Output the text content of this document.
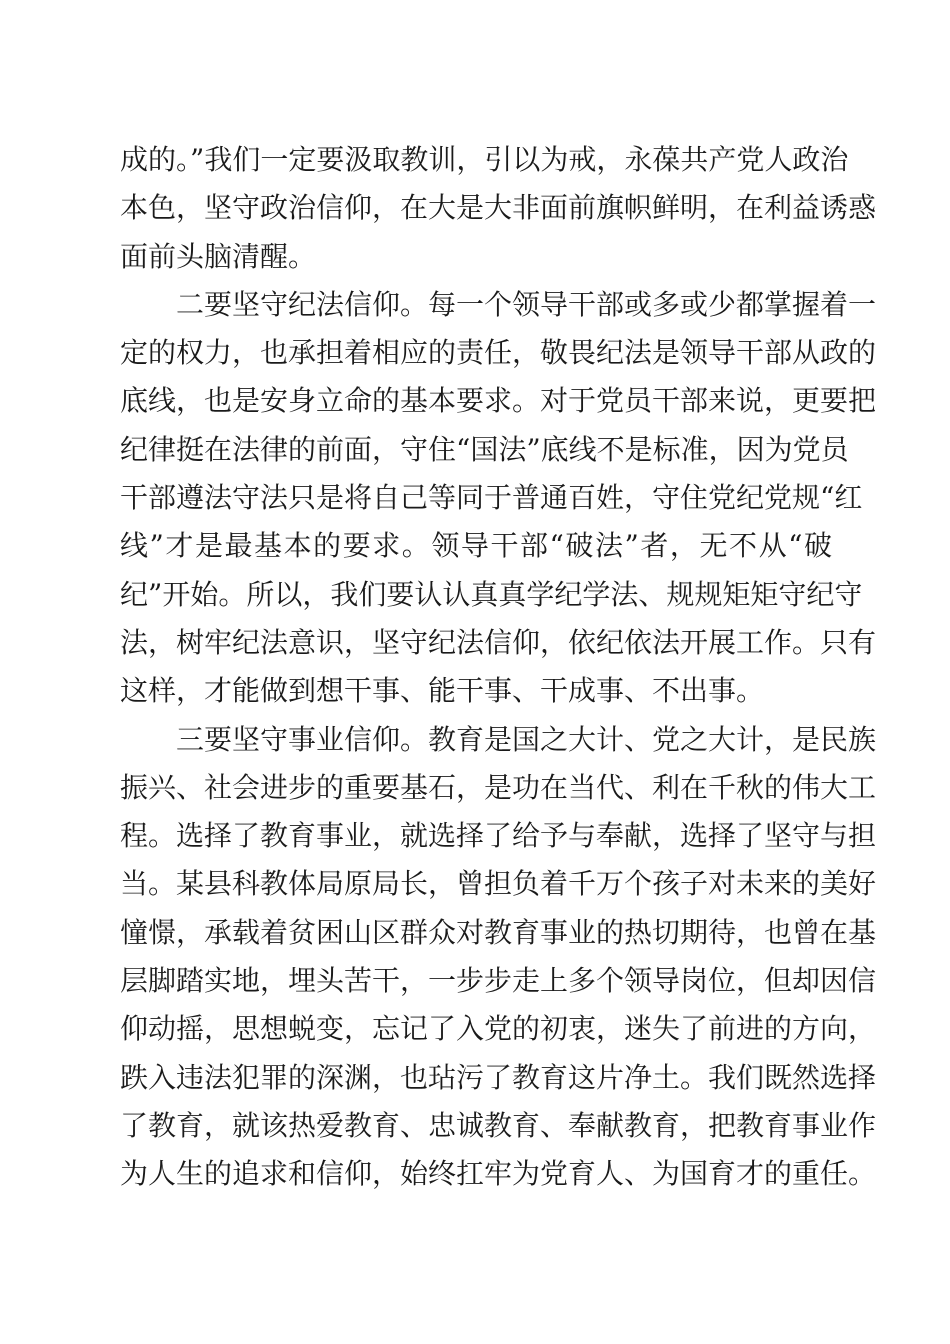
成的。”我们一定要汲取教训，引以为戒，永葆共产党人政治
本色，坚守政治信仰，在大是大非面前旗帜鲜明，在利益诱惑
面前头脑清醒。
二要坚守纪法信仰。每一个领导干部或多或少都掌握着一
定的权力，也承担着相应的责任，敬畏纪法是领导干部从政的
底线，也是安身立命的基本要求。对于党员干部来说，更要把
纪律挺在法律的前面，守住“国法”底线不是标准，因为党员
干部遵法守法只是将自己等同于普通百姓，守住党纪党规“红
线”才是最基本的要求。领导干部“破法”者，无不从“破
纪”开始。所以，我们要认认真真学纪学法、规规矩矩守纪守
法，树牢纪法意识，坚守纪法信仰，依纪依法开展工作。只有
这样，才能做到想干事、能干事、干成事、不出事。
三要坚守事业信仰。教育是国之大计、党之大计，是民族
振兴、社会进步的重要基石，是功在当代、利在千秋的伟大工
程。选择了教育事业，就选择了给予与奉献，选择了坚守与担
当。某县科教体局原局长，曾担负着千万个孩子对未来的美好
憧憬，承载着贫困山区群众对教育事业的热切期待，也曾在基
层脚踏实地，埋头苦干，一步步走上多个领导岗位，但却因信
仰动摇，思想蜕变，忘记了入党的初衷，迷失了前进的方向，
跌入违法犯罪的深渊，也玷污了教育这片净土。我们既然选择
了教育，就该热爱教育、忠诚教育、奉献教育，把教育事业作
为人生的追求和信仰，始终扛牢为党育人、为国育才的重任。
